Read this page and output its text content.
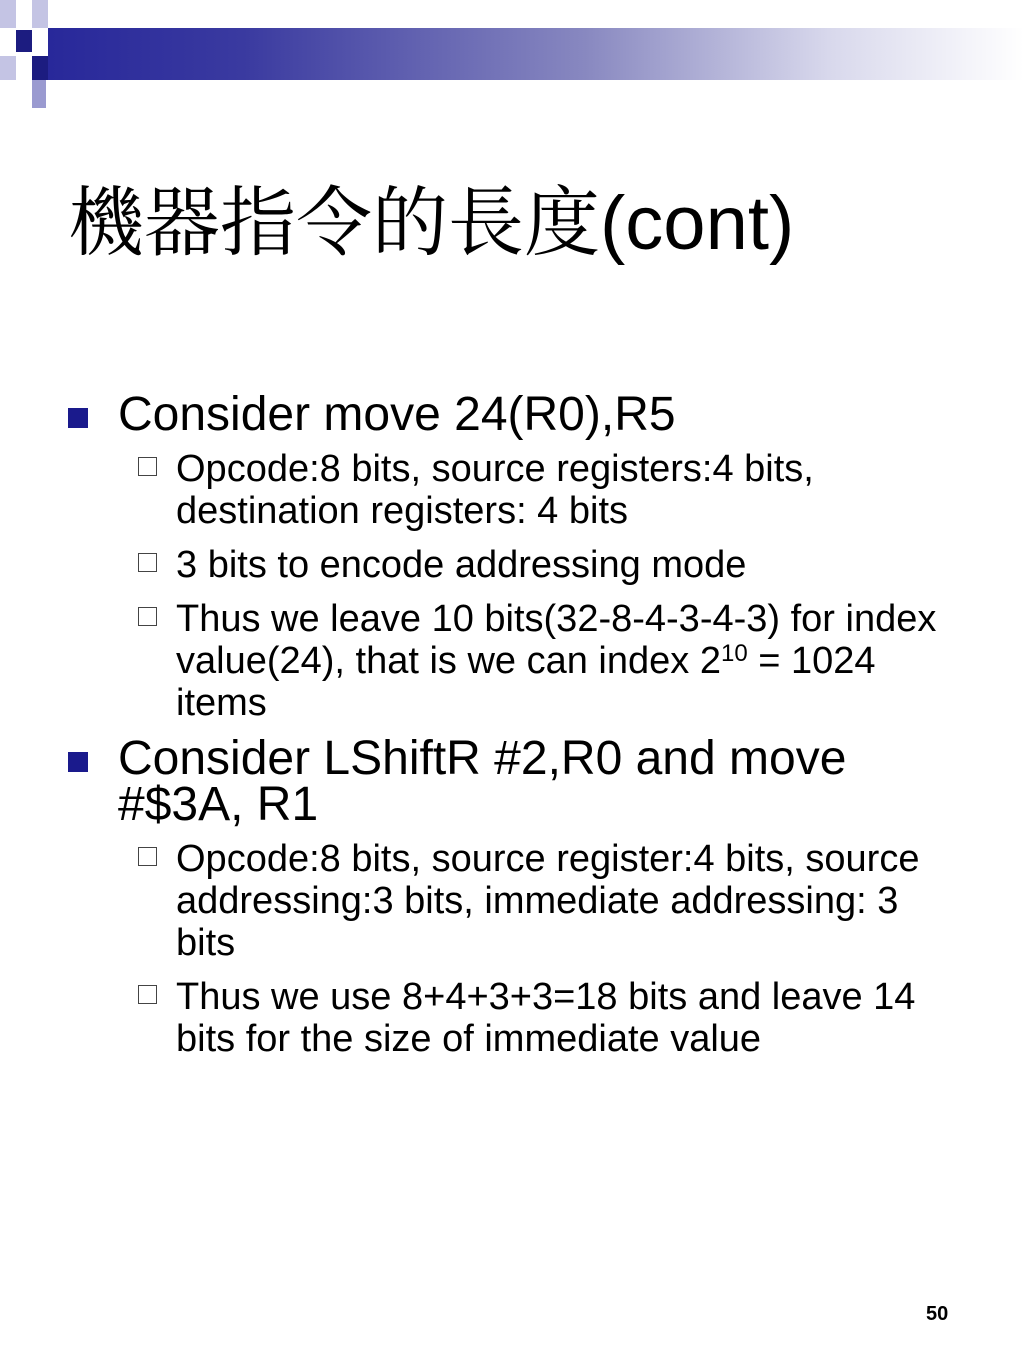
機器指令的長度(cont)
Consider move 24(R0),R5
Opcode:8 bits, source registers:4 bits, destination registers: 4 bits
3 bits to encode addressing mode
Thus we leave 10 bits(32-8-4-3-4-3) for index value(24), that is we can index $2^{10} = 1024$ items
Consider LShiftR #2,R0 and move #$3A, R1
Opcode:8 bits, source register:4 bits, source addressing:3 bits, immediate addressing: 3 bits
Thus we use 8+4+3+3=18 bits and leave 14 bits for the size of immediate value
50
